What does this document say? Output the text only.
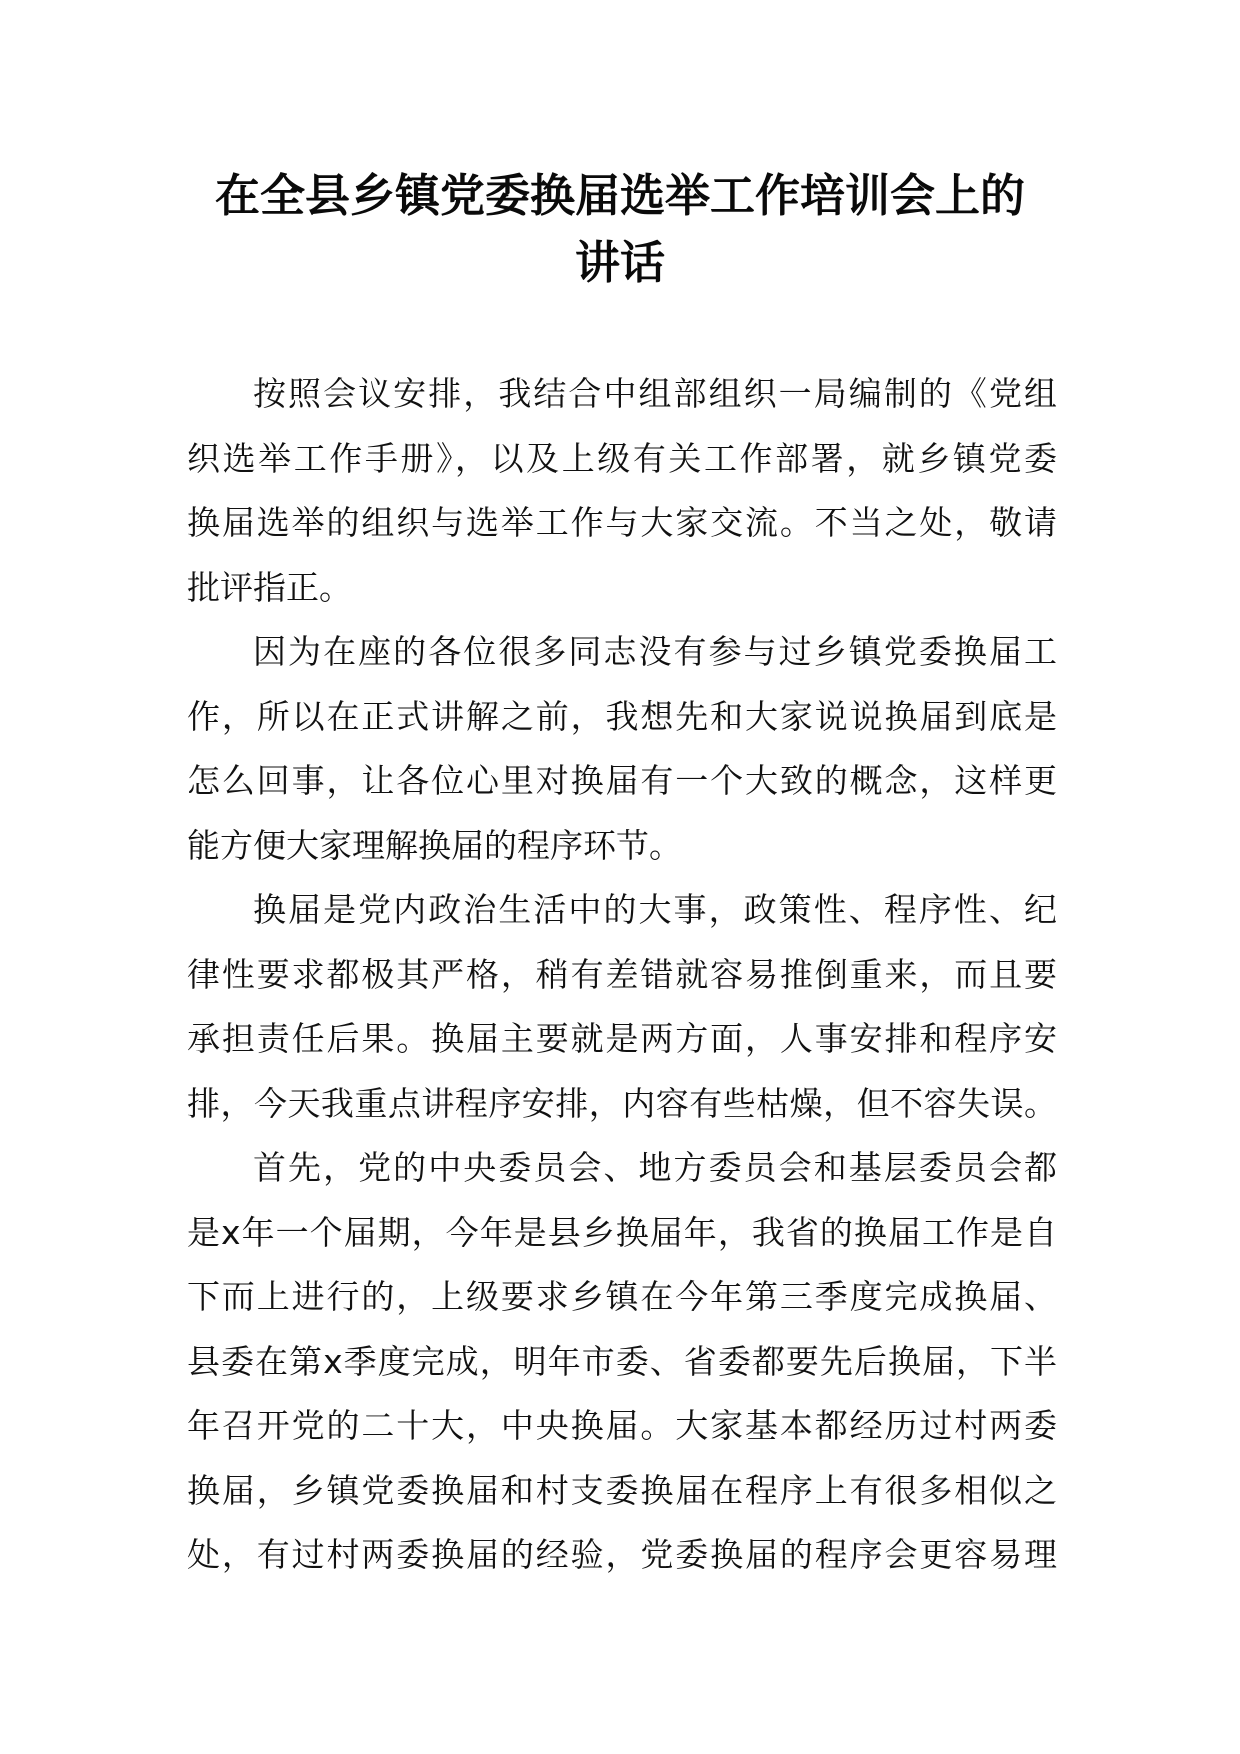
在全县乡镇党委换届选举工作培训会上的
讲话
按照会议安排，我结合中组部组织一局编制的《党组
织选举工作手册》，以及上级有关工作部署，就乡镇党委
换届选举的组织与选举工作与大家交流。不当之处，敬请
批评指正。
因为在座的各位很多同志没有参与过乡镇党委换届工
作，所以在正式讲解之前，我想先和大家说说换届到底是
怎么回事，让各位心里对换届有一个大致的概念，这样更
能方便大家理解换届的程序环节。
换届是党内政治生活中的大事，政策性、程序性、纪
律性要求都极其严格，稍有差错就容易推倒重来，而且要
承担责任后果。换届主要就是两方面，人事安排和程序安
排，今天我重点讲程序安排，内容有些枯燥，但不容失误。
首先，党的中央委员会、地方委员会和基层委员会都
是x年一个届期，今年是县乡换届年，我省的换届工作是自
下而上进行的，上级要求乡镇在今年第三季度完成换届、
县委在第x季度完成，明年市委、省委都要先后换届，下半
年召开党的二十大，中央换届。大家基本都经历过村两委
换届，乡镇党委换届和村支委换届在程序上有很多相似之
处，有过村两委换届的经验，党委换届的程序会更容易理
